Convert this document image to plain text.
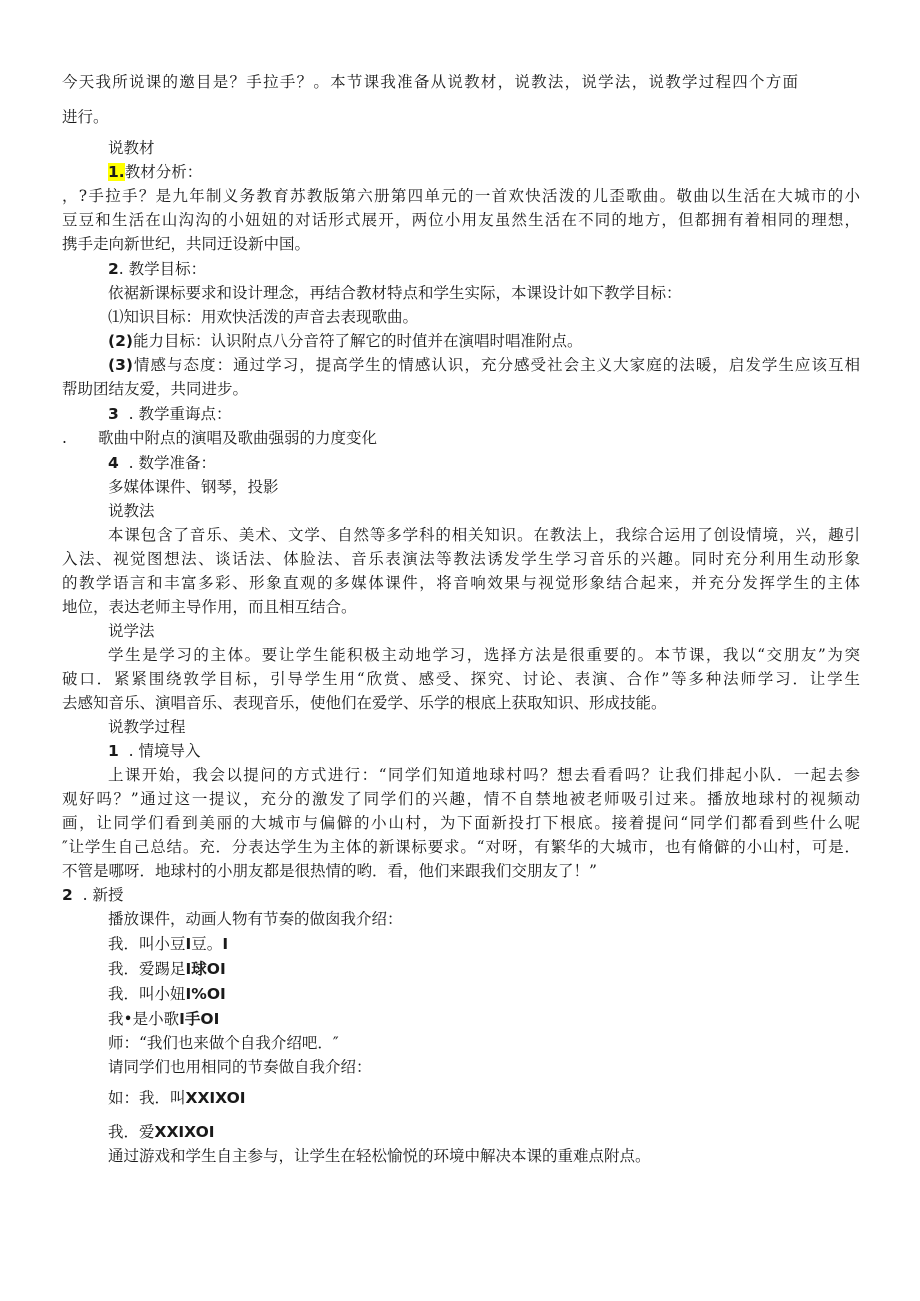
今天我所说课的邀目是？手拉手？。本节课我准备从说教材，说教法，说学法，说教学过程四个方面
进行。
说教材
1.教材分析：
，?手拉手？是九年制义务教育苏教版第六册第四单元的一首欢快活泼的儿歪歌曲。敬曲以生活在大城市的小
豆豆和生活在山沟沟的小妞妞的对话形式展开，两位小用友虽然生活在不同的地方，但都拥有着相同的理想，
携手走向新世纪，共同迂设新中国。
2. 教学目标：
依裾新课标要求和设计理念，再结合教材特点和学生实际，本课设计如下教学目标：
⑴知识目标：用欢快活泼的声音去表现歌曲。
(2)能力目标：认识附点八分音符了解它的时值并在演唱时唱准附点。
(3)情感与态度：通过学习，提高学生的情感认识，充分感受社会主义大家庭的法暖，启发学生应该互相
帮助团结友爱，共同进步。
3 . 教学重诲点：
. 歌曲中附点的演唱及歌曲强弱的力度变化
4 . 数学准备：
多媒体课件、钢琴，投影
说教法
本课包含了音乐、美术、文学、自然等多学科的相关知识。在教法上，我综合运用了创设情境，兴，趣引
入法、视觉图想法、谈话法、体脸法、音乐表演法等教法诱发学生学习音乐的兴趣。同时充分利用生动形象
的教学语言和丰富多彩、形象直观的多媒体课件，将音响效果与视觉形象结合起来，并充分发挥学生的主体
地位，表达老师主导作用，而且相互结合。
说学法
学生是学习的主体。要让学生能积极主动地学习，选择方法是很重要的。本节课，我以“交朋友”为突
破口．紧紧围绕敦学目标，引导学生用“欣赏、感受、探究、讨论、表演、合作”等多种法师学习．让学生
去感知音乐、演唱音乐、表现音乐，使他们在爱学、乐学的根底上获取知识、形成技能。
说教学过程
1 . 情境导入
上课开始，我会以提问的方式进行：“同学们知道地球村吗？想去看看吗？让我们排起小队．一起去参
观好吗？”通过这一提议，充分的激发了同学们的兴趣，情不自禁地被老师吸引过来。播放地球村的视频动
画，让同学们看到美丽的大城市与偏僻的小山村，为下面新投打下根底。接着提问“同学们都看到些什么呢
″让学生自己总结。充．分表达学生为主体的新课标要求。“对呀，有繁华的大城市，也有脩僻的小山村，可是．
不管是哪呀．地球村的小朋友都是很热情的哟．看，他们来跟我们交朋友了！”
2 . 新授
播放课件，动画人物有节奏的做囱我介绍：
我．叫小豆I豆。I
我．爱踢足I球OI
我．叫小妞I%OI
我•是小歌I手OI
师：“我们也来做个自我介绍吧．″
请同学们也用相同的节奏做自我介绍：
如：我．叫XXIXOI
我．爱XXIXOI
通过游戏和学生自主参与，让学生在轻松愉悦的环境中解决本课的重难点附点。
